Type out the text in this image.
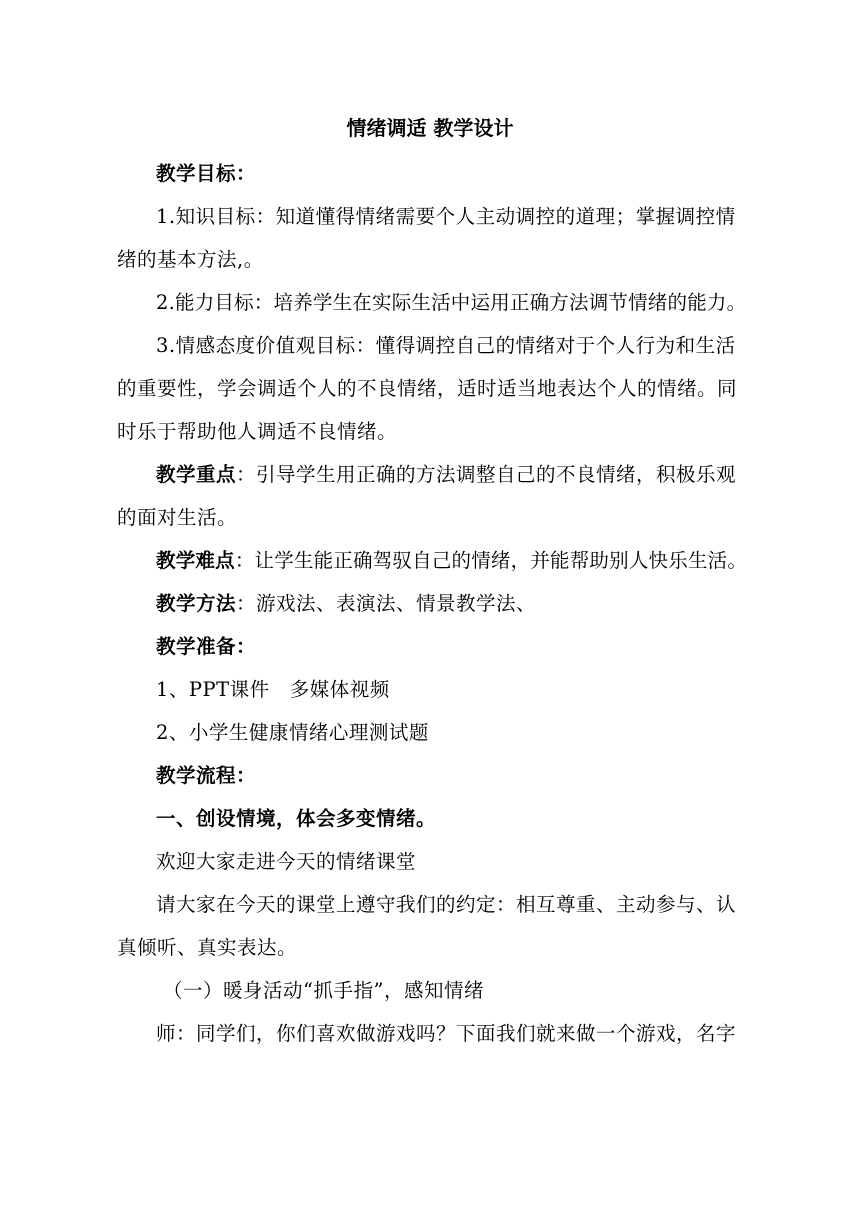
情绪调适 教学设计

教学目标：

1.知识目标：知道懂得情绪需要个人主动调控的道理；掌握调控情绪的基本方法,。

2.能力目标：培养学生在实际生活中运用正确方法调节情绪的能力。

3.情感态度价值观目标：懂得调控自己的情绪对于个人行为和生活的重要性，学会调适个人的不良情绪，适时适当地表达个人的情绪。同时乐于帮助他人调适不良情绪。

教学重点：引导学生用正确的方法调整自己的不良情绪，积极乐观的面对生活。

教学难点：让学生能正确驾驭自己的情绪，并能帮助别人快乐生活。

教学方法：游戏法、表演法、情景教学法、

教学准备：

1、PPT课件   多媒体视频

2、小学生健康情绪心理测试题

教学流程：

一、创设情境，体会多变情绪。

欢迎大家走进今天的情绪课堂

请大家在今天的课堂上遵守我们的约定：相互尊重、主动参与、认真倾听、真实表达。

（一）暖身活动“抓手指”，感知情绪

师：同学们，你们喜欢做游戏吗？下面我们就来做一个游戏，名字
